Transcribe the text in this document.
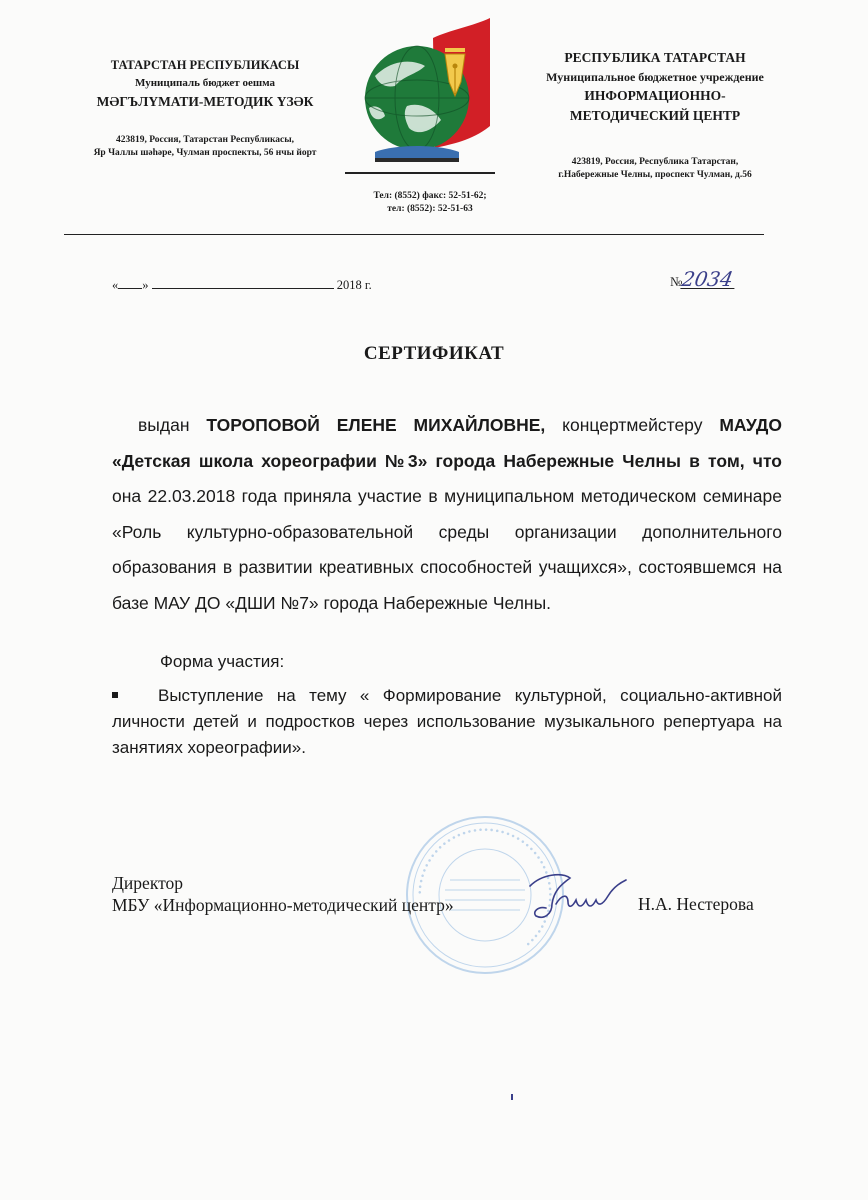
ТАТАРСТАН РЕСПУБЛИКАСЫ
Муниципаль бюджет оешма
МӘГЪЛҮМАТИ-МЕТОДИК ҮЗӘК
423819, Россия, Татарстан Республикасы,
Яр Чаллы шәһәре, Чулман проспекты, 56 нчы йорт
Тел: (8552) факс: 52-51-62;
тел: (8552): 52-51-63
РЕСПУБЛИКА ТАТАРСТАН
Муниципальное бюджетное учреждение
ИНФОРМАЦИОННО-
МЕТОДИЧЕСКИЙ ЦЕНТР
423819, Россия, Республика Татарстан,
г.Набережные Челны, проспект Чулман, д.56
« »	2018 г.	№2034
СЕРТИФИКАТ
выдан ТОРОПОВОЙ ЕЛЕНЕ МИХАЙЛОВНЕ, концертмейстеру МАУДО «Детская школа хореографии №3» города Набережные Челны в том, что она 22.03.2018 года приняла участие в муниципальном методическом семинаре «Роль культурно-образовательной среды организации дополнительного образования в развитии креативных способностей учащихся», состоявшемся на базе МАУ ДО «ДШИ №7» города Набережные Челны.
Форма участия:
Выступление на тему « Формирование культурной, социально-активной личности детей и подростков через использование музыкального репертуара на занятиях хореографии».
•••••••••••••••••••••••••••••••••••••••••••••••
Директор
МБУ «Информационно-методический центр»	Н.А. Нестерова
